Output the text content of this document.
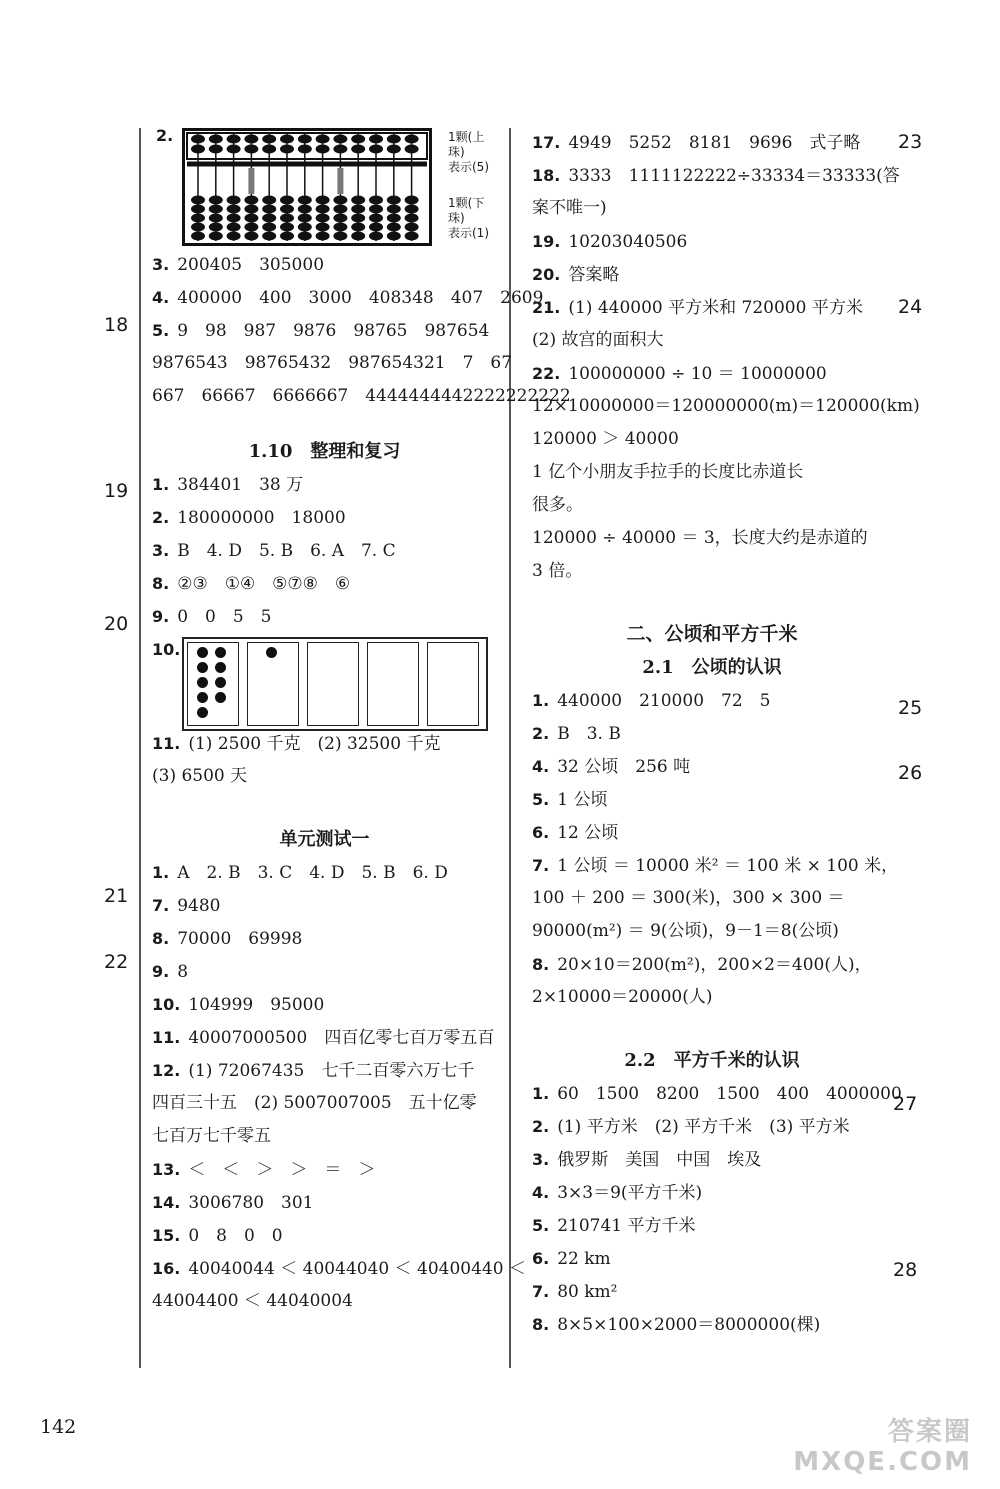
2.	1颗(上珠)
表示(5)
1颗(下珠)
表示(1)
3. 200405　305000
4. 400000　400　3000　408348　407　2609
5. 9　98　987　9876　98765　987654
9876543　98765432　987654321　7　67
667　66667　6666667　4444444442222222222
1.10　整理和复习
1. 384401　38 万
2. 180000000　18000
3. B　4. D　5. B　6. A　7. C
8. ②③　①④　⑤⑦⑧　⑥
9. 0　0　5　5
10.
11. (1) 2500 千克　(2) 32500 千克
(3) 6500 天
单元测试一
1. A　2. B　3. C　4. D　5. B　6. D
7. 9480
8. 70000　69998
9. 8
10. 104999　95000
11. 40007000500　四百亿零七百万零五百
12. (1) 72067435　七千二百零六万七千
四百三十五　(2) 5007007005　五十亿零
七百万七千零五
13. ＜　＜　＞　＞　＝　＞
14. 3006780　301
15. 0　8　0　0
16. 40040044 ＜ 40044040 ＜ 40400440 ＜
44004400 ＜ 44040004
17. 4949　5252　8181　9696　式子略
18. 3333　1111122222÷33334＝33333(答
案不唯一)
19. 10203040506
20. 答案略
21. (1) 440000 平方米和 720000 平方米
(2) 故宫的面积大
22. 100000000 ÷ 10 ＝ 10000000
12×10000000＝120000000(m)＝120000(km)
120000 ＞ 40000
1 亿个小朋友手拉手的长度比赤道长
很多。
120000 ÷ 40000 ＝ 3，长度大约是赤道的
3 倍。
二、公顷和平方千米
2.1　公顷的认识
1. 440000　210000　72　5
2. B　3. B
4. 32 公顷　256 吨
5. 1 公顷
6. 12 公顷
7. 1 公顷 ＝ 10000 米² ＝ 100 米 × 100 米，
100 ＋ 200 ＝ 300(米)，300 × 300 ＝
90000(m²) ＝ 9(公顷)，9－1＝8(公顷)
8. 20×10＝200(m²)，200×2＝400(人)，
2×10000＝20000(人)
2.2　平方千米的认识
1. 60　1500　8200　1500　400　4000000
2. (1) 平方米　(2) 平方千米　(3) 平方米
3. 俄罗斯　美国　中国　埃及
4. 3×3＝9(平方千米)
5. 210741 平方千米
6. 22 km
7. 80 km²
8. 8×5×100×2000＝8000000(棵)
18
19
20
21
22
23
24
25
26
27
28
142	答案圈
MXQE.COM
